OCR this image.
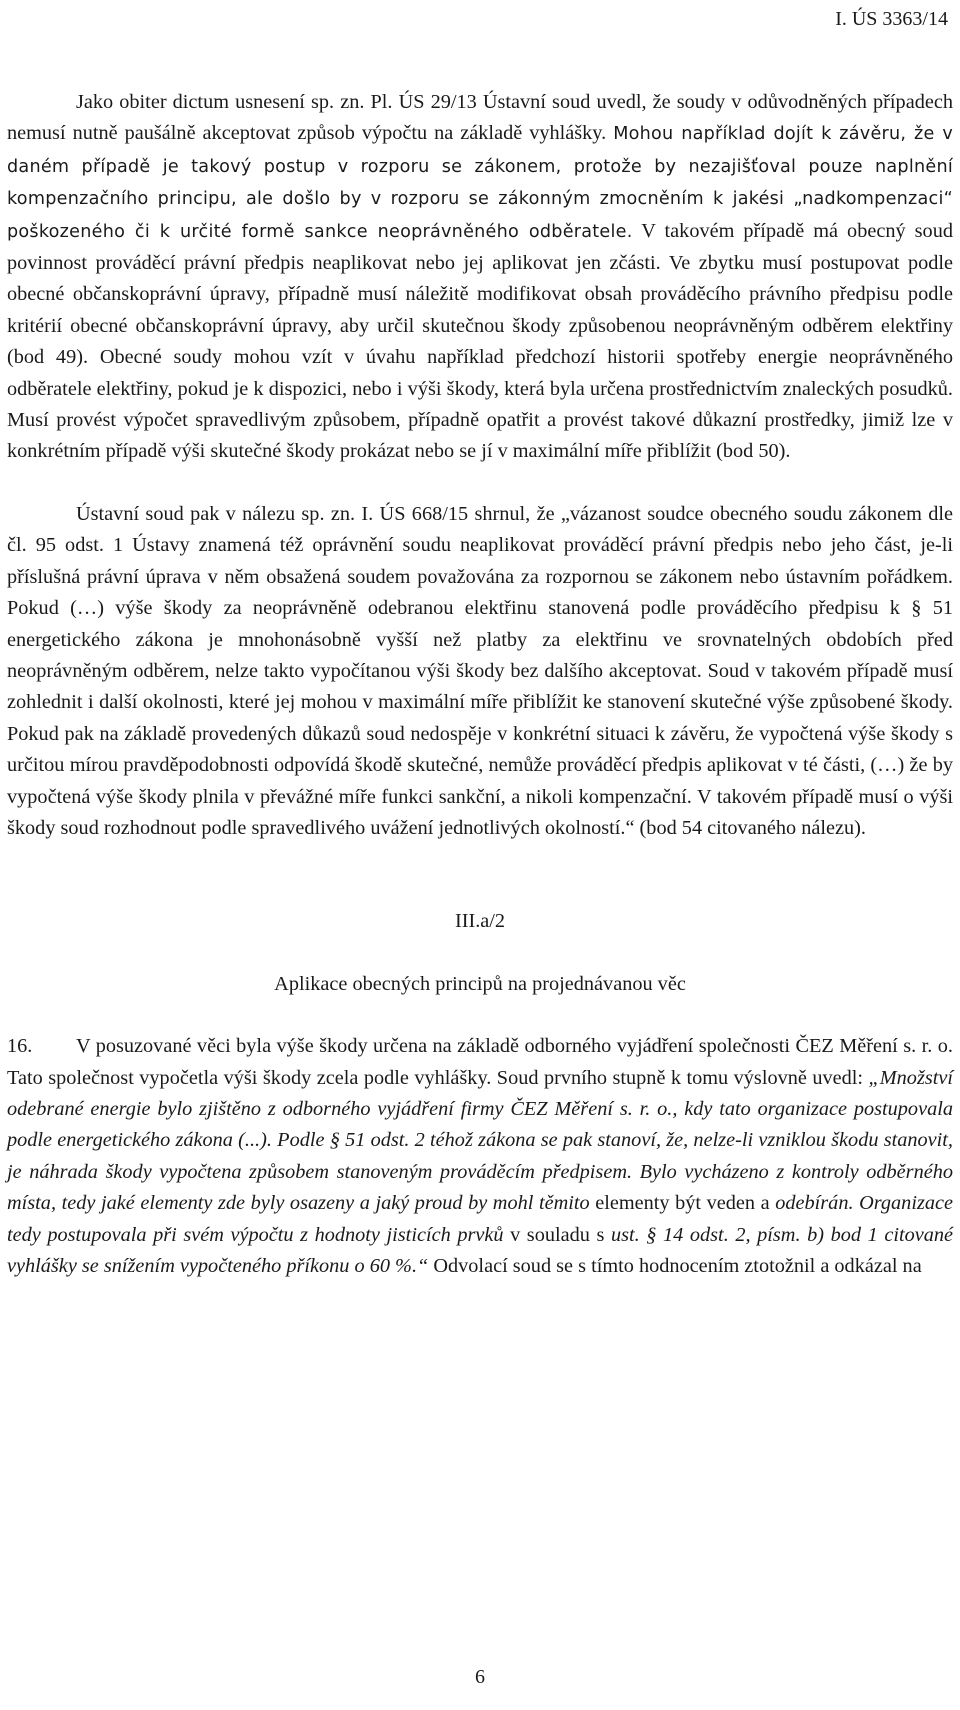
I. ÚS 3363/14

Jako obiter dictum usnesení sp. zn. Pl. ÚS 29/13 Ústavní soud uvedl, že soudy v odůvodněných případech nemusí nutně paušálně akceptovat způsob výpočtu na základě vyhlášky. Mohou například dojít k závěru, že v daném případě je takový postup v rozporu se zákonem, protože by nezajišťoval pouze naplnění kompenzačního principu, ale došlo by v rozporu se zákonným zmocněním k jakési „nadkompenzaci“ poškozeného či k určité formě sankce neoprávněného odběratele. V takovém případě má obecný soud povinnost prováděcí právní předpis neaplikovat nebo jej aplikovat jen zčásti. Ve zbytku musí postupovat podle obecné občanskoprávní úpravy, případně musí náležitě modifikovat obsah prováděcího právního předpisu podle kritérií obecné občanskoprávní úpravy, aby určil skutečnou škody způsobenou neoprávněným odběrem elektřiny (bod 49). Obecné soudy mohou vzít v úvahu například předchozí historii spotřeby energie neoprávněného odběratele elektřiny, pokud je k dispozici, nebo i výši škody, která byla určena prostřednictvím znaleckých posudků. Musí provést výpočet spravedlivým způsobem, případně opatřit a provést takové důkazní prostředky, jimiž lze v konkrétním případě výši skutečné škody prokázat nebo se jí v maximální míře přiblížit (bod 50).

Ústavní soud pak v nálezu sp. zn. I. ÚS 668/15 shrnul, že „vázanost soudce obecného soudu zákonem dle čl. 95 odst. 1 Ústavy znamená též oprávnění soudu neaplikovat prováděcí právní předpis nebo jeho část, je-li příslušná právní úprava v něm obsažená soudem považována za rozpornou se zákonem nebo ústavním pořádkem. Pokud (…) výše škody za neoprávněně odebranou elektřinu stanovená podle prováděcího předpisu k § 51 energetického zákona je mnohonásobně vyšší než platby za elektřinu ve srovnatelných obdobích před neoprávněným odběrem, nelze takto vypočítanou výši škody bez dalšího akceptovat. Soud v takovém případě musí zohlednit i další okolnosti, které jej mohou v maximální míře přiblížit ke stanovení skutečné výše způsobené škody. Pokud pak na základě provedených důkazů soud nedospěje v konkrétní situaci k závěru, že vypočtená výše škody s určitou mírou pravděpodobnosti odpovídá škodě skutečné, nemůže prováděcí předpis aplikovat v té části, (…) že by vypočtená výše škody plnila v převážné míře funkci sankční, a nikoli kompenzační. V takovém případě musí o výši škody soud rozhodnout podle spravedlivého uvážení jednotlivých okolností.“ (bod 54 citovaného nálezu).

III.a/2

Aplikace obecných principů na projednávanou věc

16. V posuzované věci byla výše škody určena na základě odborného vyjádření společnosti ČEZ Měření s. r. o. Tato společnost vypočetla výši škody zcela podle vyhlášky. Soud prvního stupně k tomu výslovně uvedl: „Množství odebrané energie bylo zjištěno z odborného vyjádření firmy ČEZ Měření s. r. o., kdy tato organizace postupovala podle energetického zákona (...). Podle § 51 odst. 2 téhož zákona se pak stanoví, že, nelze-li vzniklou škodu stanovit, je náhrada škody vypočtena způsobem stanoveným prováděcím předpisem. Bylo vycházeno z kontroly odběrného místa, tedy jaké elementy zde byly osazeny a jaký proud by mohl těmito elementy být veden a odebírán. Organizace tedy postupovala při svém výpočtu z hodnoty jisticích prvků v souladu s ust. § 14 odst. 2, písm. b) bod 1 citované vyhlášky se snížením vypočteného příkonu o 60 %.“ Odvolací soud se s tímto hodnocením ztotožnil a odkázal na

6
